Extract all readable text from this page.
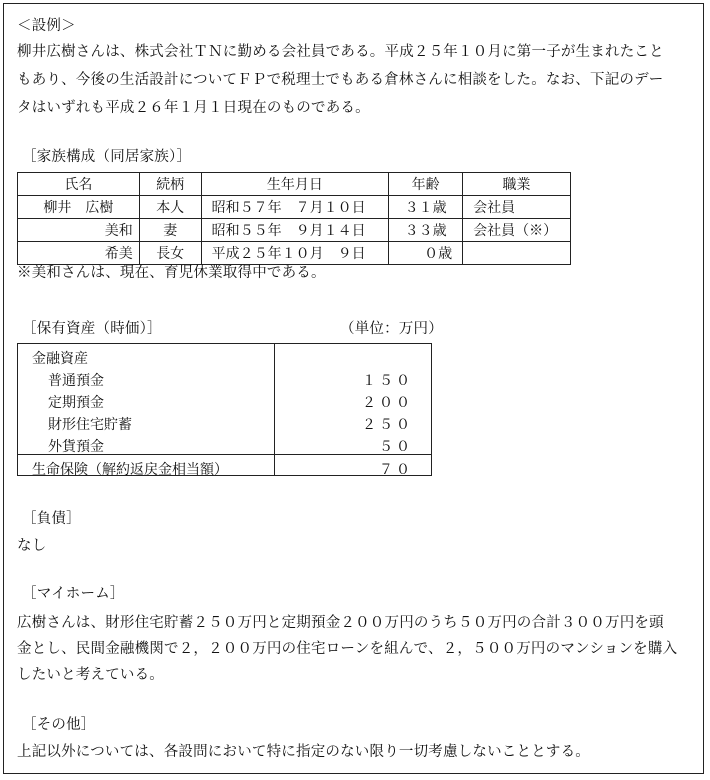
＜設例＞
柳井広樹さんは、株式会社ＴＮに勤める会社員である。平成２５年１０月に第一子が生まれたこと
もあり、今後の生活設計についてＦＰで税理士でもある倉林さんに相談をした。なお、下記のデー
タはいずれも平成２６年１月１日現在のものである。
［家族構成（同居家族）］
氏名	続柄	生年月日	年齢	職業
柳井　広樹	本人	昭和５７年　７月１０日	３１歳	会社員
美和	妻	昭和５５年　９月１４日	３３歳	会社員（※）
希美	長女	平成２５年１０月　９日	０歳	
※美和さんは、現在、育児休業取得中である。
［保有資産（時価）］	（単位：万円）
金融資産
普通預金	１５０
定期預金	２００
財形住宅貯蓄	２５０
外貨預金	５０
生命保険（解約返戻金相当額）	７０
［負債］
なし
［マイホーム］
広樹さんは、財形住宅貯蓄２５０万円と定期預金２００万円のうち５０万円の合計３００万円を頭
金とし、民間金融機関で２，２００万円の住宅ローンを組んで、２，５００万円のマンションを購入
したいと考えている。
［その他］
上記以外については、各設問において特に指定のない限り一切考慮しないこととする。
